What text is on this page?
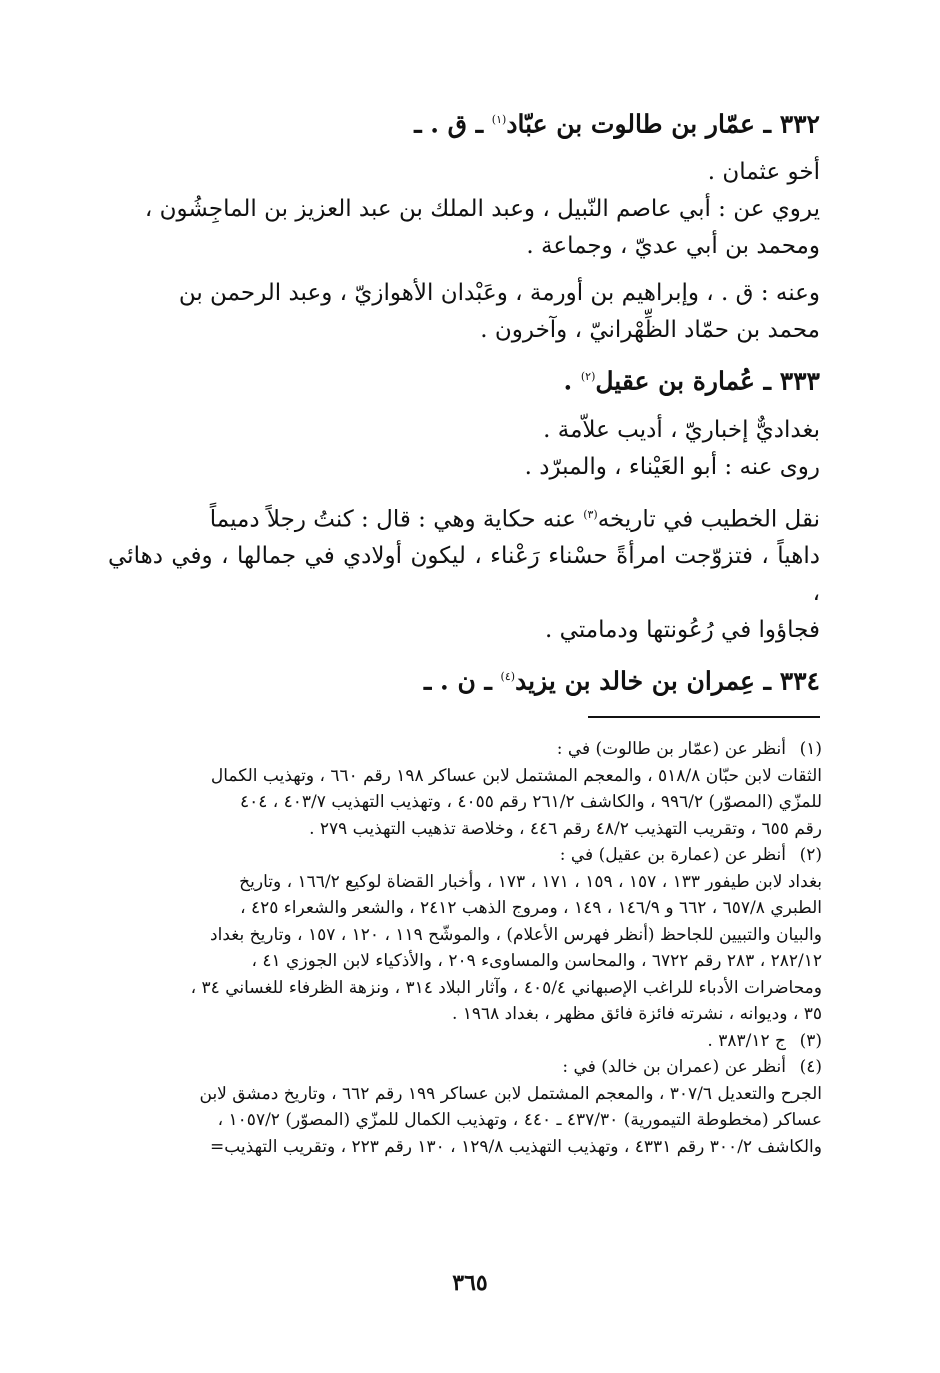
٣٣٢ ـ عمّار بن طالوت بن عبّاد$^{(١)}$ ـ ق . ـ

أخو عثمان .

يروي عن : أبي عاصم النّبيل ، وعبد الملك بن عبد العزيز بن الماجِشُون ،

ومحمد بن أبي عديّ ، وجماعة .

وعنه : ق . ، وإبراهيم بن أورمة ، وعَبْدان الأهوازيّ ، وعبد الرحمن بن

محمد بن حمّاد الظِّهْرانيّ ، وآخرون .

٣٣٣ ـ عُمارة بن عقيل$^{(٢)}$ .

بغداديٌّ إخباريّ ، أديب علاّمة .

روى عنه : أبو العَيْناء ، والمبرّد .

نقل الخطيب في تاريخه$^{(٣)}$ عنه حكاية وهي : قال : كنتُ رجلاً دميماً

داهياً ، فتزوّجت امرأةً حسْناء رَعْناء ، ليكون أولادي في جمالها ، وفي دهائي ،

فجاؤوا في رُعُونتها ودمامتي .

٣٣٤ ـ عِمران بن خالد بن يزيد$^{(٤)}$ ـ ن . ـ

(١)
أنظر عن (عمّار بن طالوت) في :
الثقات لابن حبّان ٥١٨/٨ ، والمعجم المشتمل لابن عساكر ١٩٨ رقم ٦٦٠ ، وتهذيب الكمال
للمزّي (المصوّر) ٩٩٦/٢ ، والكاشف ٢٦١/٢ رقم ٤٠٥٥ ، وتهذيب التهذيب ٤٠٣/٧ ، ٤٠٤
رقم ٦٥٥ ، وتقريب التهذيب ٤٨/٢ رقم ٤٤٦ ، وخلاصة تذهيب التهذيب ٢٧٩ .
(٢)
أنظر عن (عمارة بن عقيل) في :
بغداد لابن طيفور ١٣٣ ، ١٥٧ ، ١٥٩ ، ١٧١ ، ١٧٣ ، وأخبار القضاة لوكيع ١٦٦/٢ ، وتاريخ
الطبري ٦٥٧/٨ ، ٦٦٢ و ١٤٦/٩ ، ١٤٩ ، ومروج الذهب ٢٤١٢ ، والشعر والشعراء ٤٢٥ ،
والبيان والتبيين للجاحظ (أنظر فهرس الأعلام) ، والموشّح ١١٩ ، ١٢٠ ، ١٥٧ ، وتاريخ بغداد
٢٨٢/١٢ ، ٢٨٣ رقم ٦٧٢٢ ، والمحاسن والمساوىء ٢٠٩ ، والأذكياء لابن الجوزي ٤١ ،
ومحاضرات الأدباء للراغب الإصبهاني ٤٠٥/٤ ، وآثار البلاد ٣١٤ ، ونزهة الظرفاء للغساني ٣٤ ،
٣٥ ، وديوانه ، نشرته فائزة فائق مظهر ، بغداد ١٩٦٨ .
(٣)
ج ٣٨٣/١٢ .
(٤)
أنظر عن (عمران بن خالد) في :
الجرح والتعديل ٣٠٧/٦ ، والمعجم المشتمل لابن عساكر ١٩٩ رقم ٦٦٢ ، وتاريخ دمشق لابن
عساكر (مخطوطة التيمورية) ٤٣٧/٣٠ ـ ٤٤٠ ، وتهذيب الكمال للمزّي (المصوّر) ١٠٥٧/٢ ،
والكاشف ٣٠٠/٢ رقم ٤٣٣١ ، وتهذيب التهذيب ١٢٩/٨ ، ١٣٠ رقم ٢٢٣ ، وتقريب التهذيب=
٣٦٥
